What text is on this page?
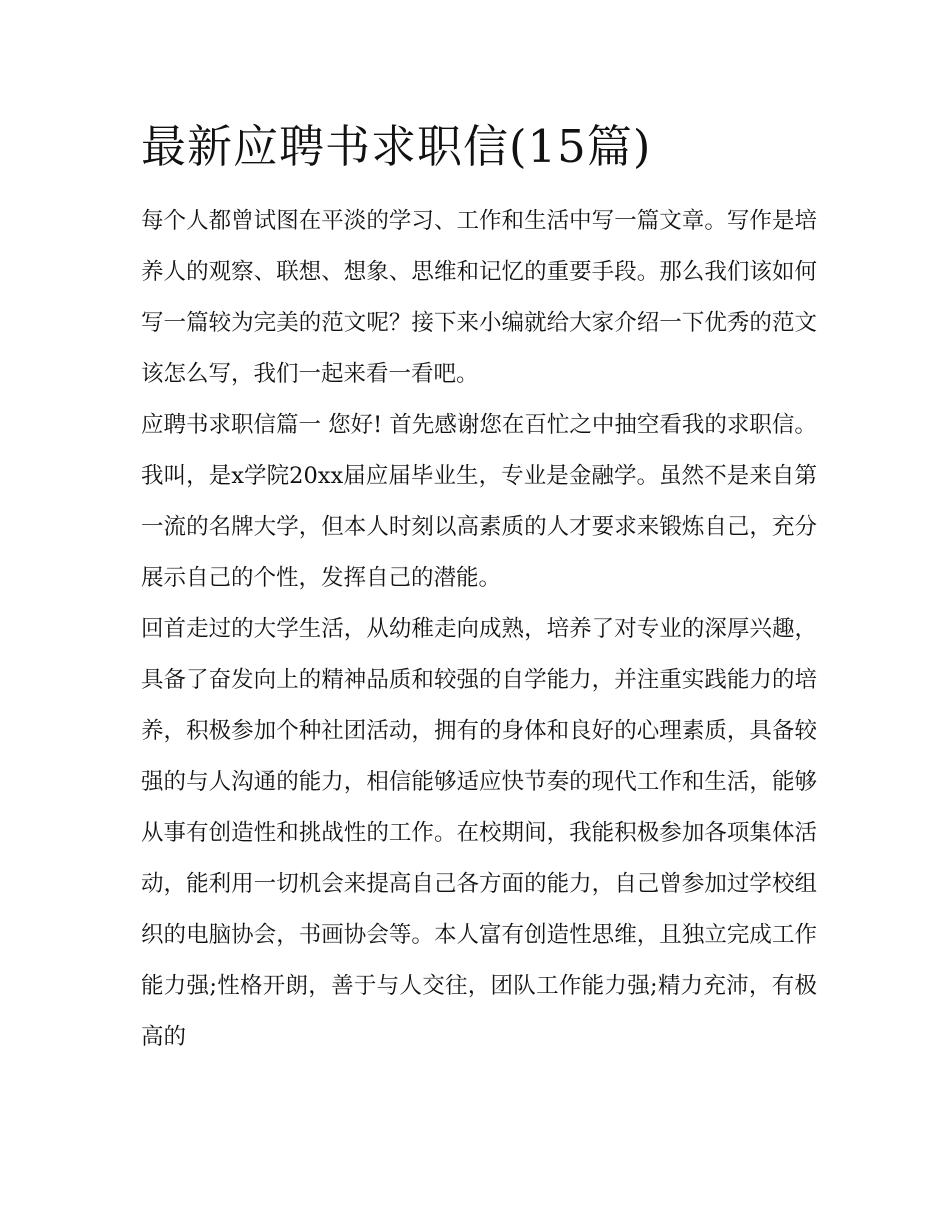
最新应聘书求职信(15篇)

每个人都曾试图在平淡的学习、工作和生活中写一篇文章。写作是培养人的观察、联想、想象、思维和记忆的重要手段。那么我们该如何写一篇较为完美的范文呢？接下来小编就给大家介绍一下优秀的范文该怎么写，我们一起来看一看吧。

应聘书求职信篇一 您好! 首先感谢您在百忙之中抽空看我的求职信。

我叫，是x学院20xx届应届毕业生，专业是金融学。虽然不是来自第一流的名牌大学，但本人时刻以高素质的人才要求来锻炼自己，充分展示自己的个性，发挥自己的潜能。

回首走过的大学生活，从幼稚走向成熟，培养了对专业的深厚兴趣，具备了奋发向上的精神品质和较强的自学能力，并注重实践能力的培养，积极参加个种社团活动，拥有的身体和良好的心理素质，具备较强的与人沟通的能力，相信能够适应快节奏的现代工作和生活，能够从事有创造性和挑战性的工作。在校期间，我能积极参加各项集体活动，能利用一切机会来提高自己各方面的能力，自己曾参加过学校组织的电脑协会，书画协会等。本人富有创造性思维，且独立完成工作能力强;性格开朗，善于与人交往，团队工作能力强;精力充沛，有极高的
